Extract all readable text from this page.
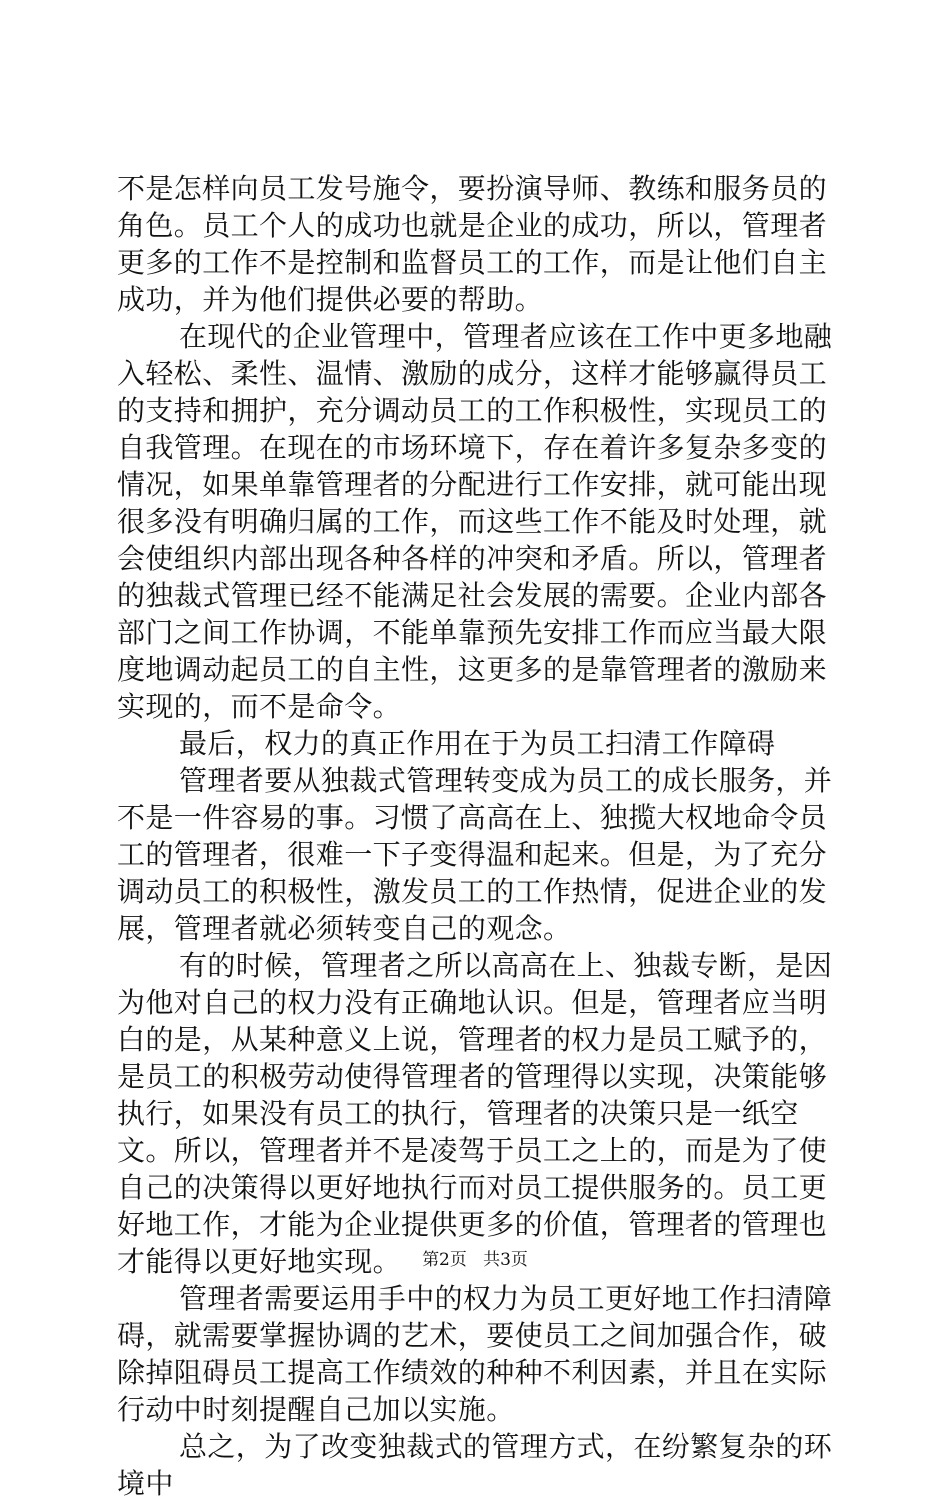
不是怎样向员工发号施令，要扮演导师、教练和服务员的角色。员工个人的成功也就是企业的成功，所以，管理者更多的工作不是控制和监督员工的工作，而是让他们自主成功，并为他们提供必要的帮助。

在现代的企业管理中，管理者应该在工作中更多地融入轻松、柔性、温情、激励的成分，这样才能够赢得员工的支持和拥护，充分调动员工的工作积极性，实现员工的自我管理。在现在的市场环境下，存在着许多复杂多变的情况，如果单靠管理者的分配进行工作安排，就可能出现很多没有明确归属的工作，而这些工作不能及时处理，就会使组织内部出现各种各样的冲突和矛盾。所以，管理者的独裁式管理已经不能满足社会发展的需要。企业内部各部门之间工作协调，不能单靠预先安排工作而应当最大限度地调动起员工的自主性，这更多的是靠管理者的激励来实现的，而不是命令。

最后，权力的真正作用在于为员工扫清工作障碍

管理者要从独裁式管理转变成为员工的成长服务，并不是一件容易的事。习惯了高高在上、独揽大权地命令员工的管理者，很难一下子变得温和起来。但是，为了充分调动员工的积极性，激发员工的工作热情，促进企业的发展，管理者就必须转变自己的观念。

有的时候，管理者之所以高高在上、独裁专断，是因为他对自己的权力没有正确地认识。但是，管理者应当明白的是，从某种意义上说，管理者的权力是员工赋予的，是员工的积极劳动使得管理者的管理得以实现，决策能够执行，如果没有员工的执行，管理者的决策只是一纸空文。所以，管理者并不是凌驾于员工之上的，而是为了使自己的决策得以更好地执行而对员工提供服务的。员工更好地工作，才能为企业提供更多的价值，管理者的管理也才能得以更好地实现。

管理者需要运用手中的权力为员工更好地工作扫清障碍，就需要掌握协调的艺术，要使员工之间加强合作，破除掉阻碍员工提高工作绩效的种种不利因素，并且在实际行动中时刻提醒自己加以实施。

总之，为了改变独裁式的管理方式，在纷繁复杂的环境中

第2页 共3页
